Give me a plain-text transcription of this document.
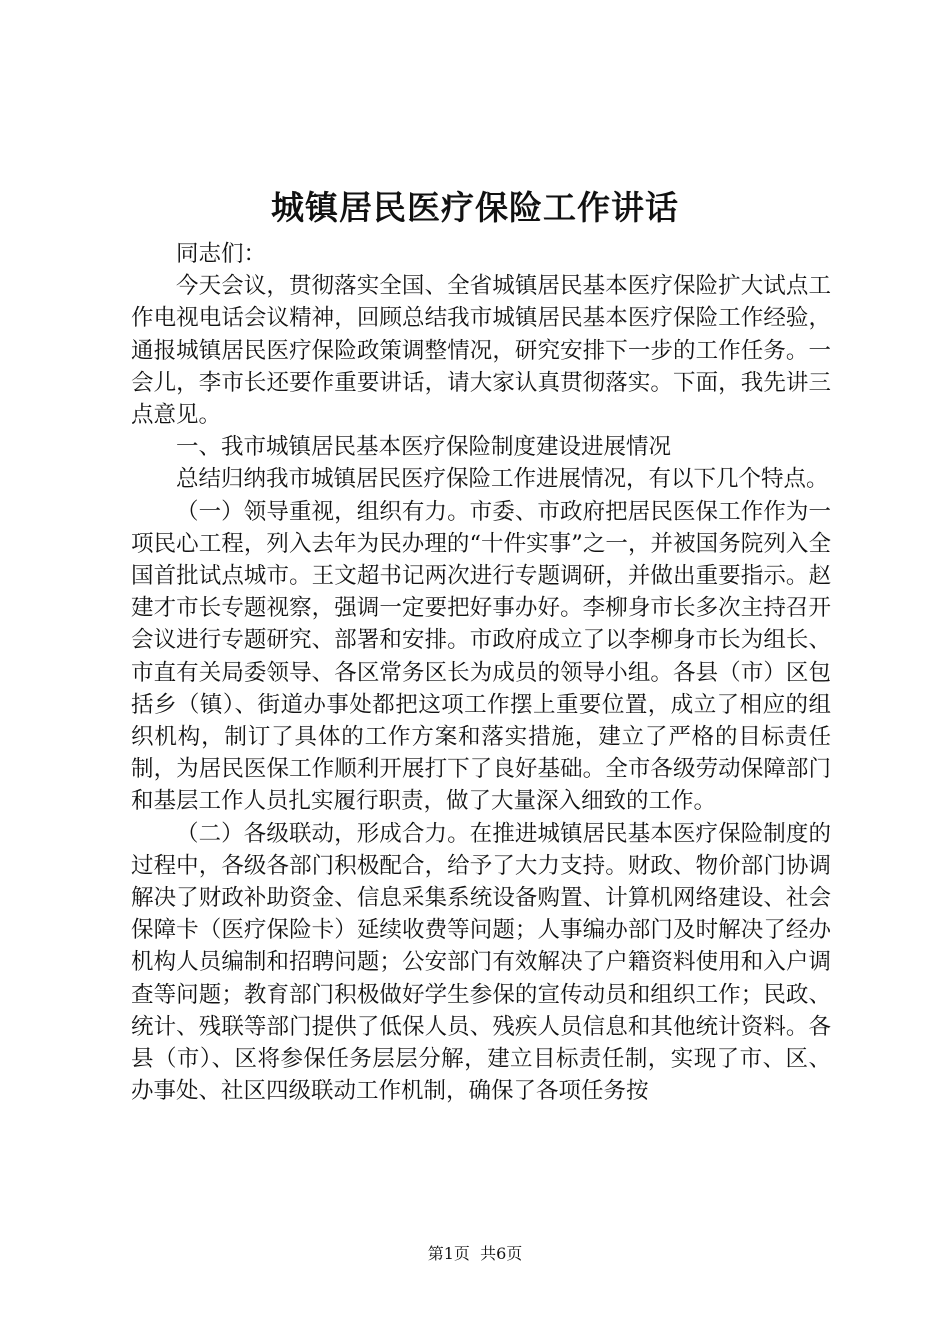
城镇居民医疗保险工作讲话

同志们：

今天会议，贯彻落实全国、全省城镇居民基本医疗保险扩大试点工作电视电话会议精神，回顾总结我市城镇居民基本医疗保险工作经验，通报城镇居民医疗保险政策调整情况，研究安排下一步的工作任务。一会儿，李市长还要作重要讲话，请大家认真贯彻落实。下面，我先讲三点意见。

一、我市城镇居民基本医疗保险制度建设进展情况

总结归纳我市城镇居民医疗保险工作进展情况，有以下几个特点。

（一）领导重视，组织有力。市委、市政府把居民医保工作作为一项民心工程，列入去年为民办理的“十件实事”之一，并被国务院列入全国首批试点城市。王文超书记两次进行专题调研，并做出重要指示。赵建才市长专题视察，强调一定要把好事办好。李柳身市长多次主持召开会议进行专题研究、部署和安排。市政府成立了以李柳身市长为组长、市直有关局委领导、各区常务区长为成员的领导小组。各县（市）区包括乡（镇）、街道办事处都把这项工作摆上重要位置，成立了相应的组织机构，制订了具体的工作方案和落实措施，建立了严格的目标责任制，为居民医保工作顺利开展打下了良好基础。全市各级劳动保障部门和基层工作人员扎实履行职责，做了大量深入细致的工作。

（二）各级联动，形成合力。在推进城镇居民基本医疗保险制度的过程中，各级各部门积极配合，给予了大力支持。财政、物价部门协调解决了财政补助资金、信息采集系统设备购置、计算机网络建设、社会保障卡（医疗保险卡）延续收费等问题；人事编办部门及时解决了经办机构人员编制和招聘问题；公安部门有效解决了户籍资料使用和入户调查等问题；教育部门积极做好学生参保的宣传动员和组织工作；民政、统计、残联等部门提供了低保人员、残疾人员信息和其他统计资料。各县（市）、区将参保任务层层分解，建立目标责任制，实现了市、区、办事处、社区四级联动工作机制，确保了各项任务按

第1页  共6页
